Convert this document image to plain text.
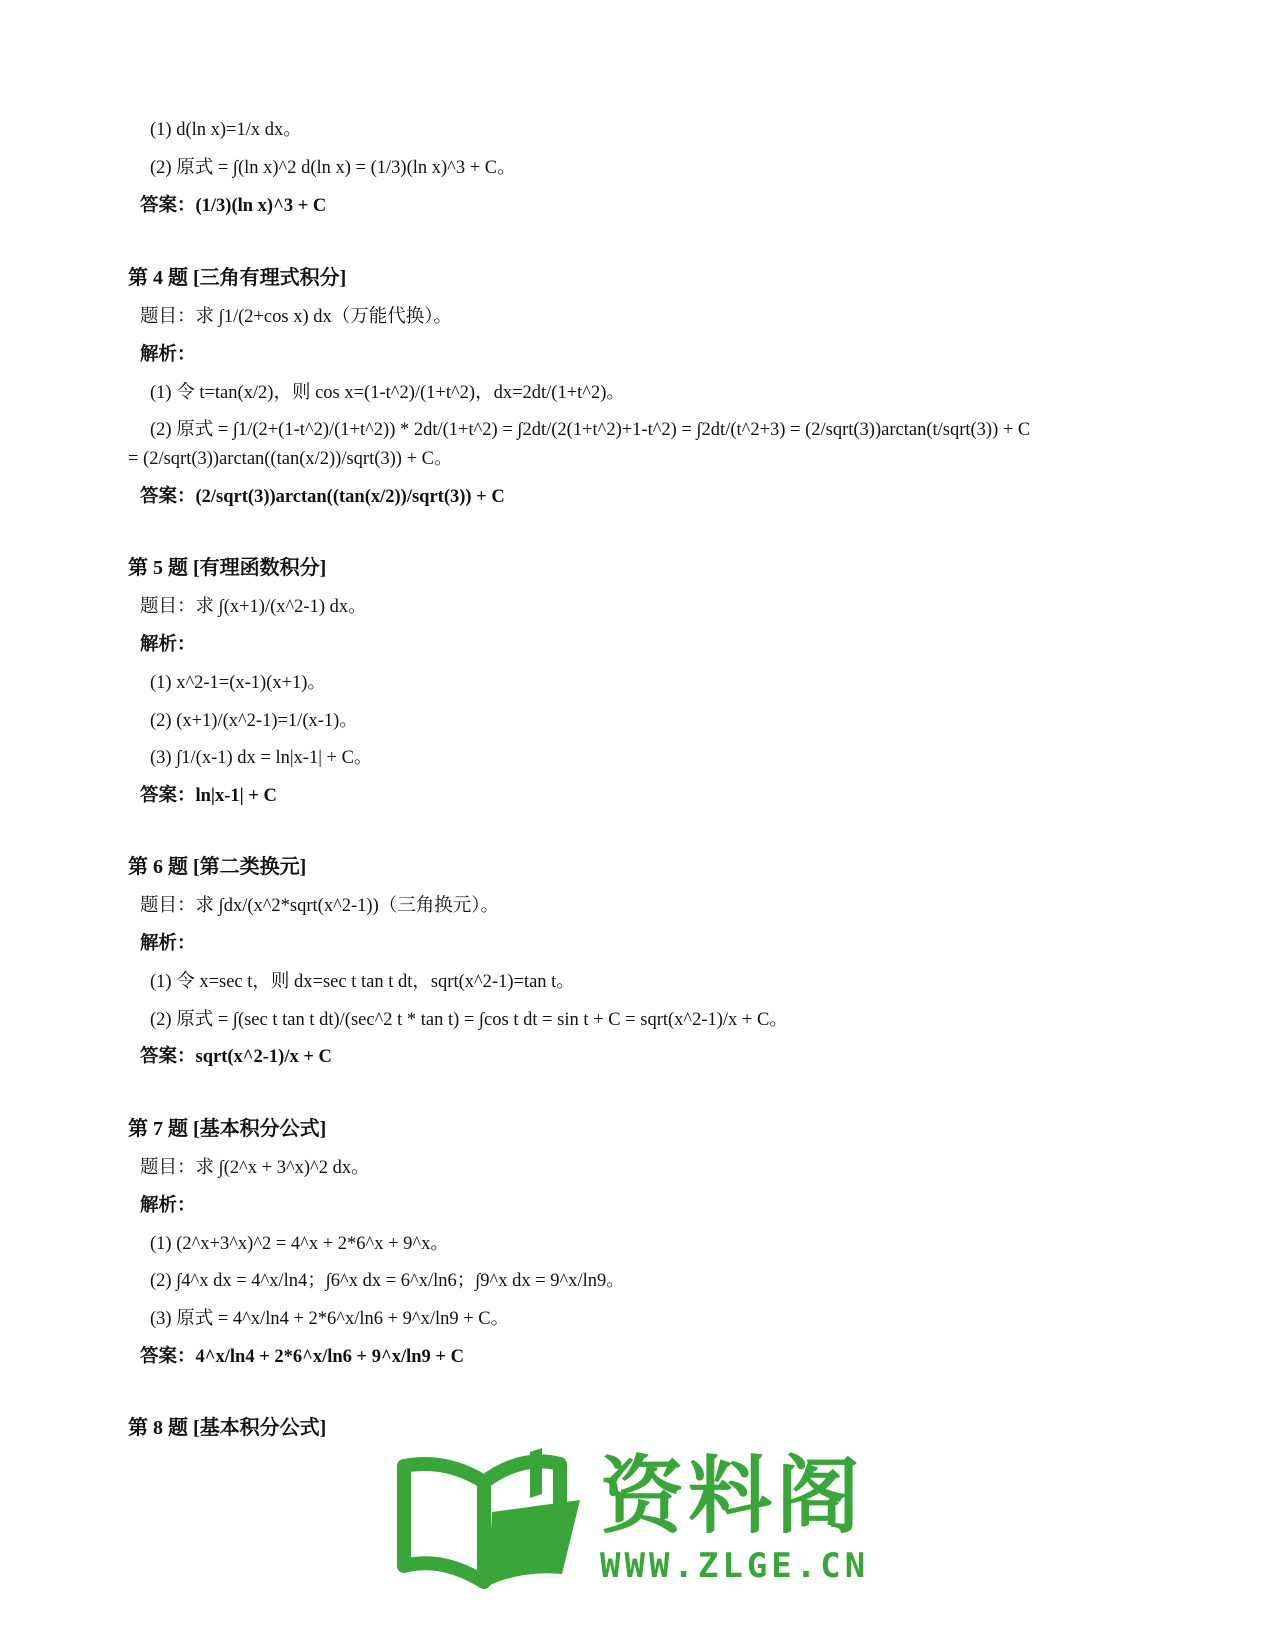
(1) d(ln x)=1/x dx。
(2) 原式 = ∫(ln x)^2 d(ln x) = (1/3)(ln x)^3 + C。
答案：(1/3)(ln x)^3 + C
第 4 题 [三角有理式积分]
题目：求 ∫1/(2+cos x) dx（万能代换）。
解析：
(1) 令 t=tan(x/2)，则 cos x=(1-t^2)/(1+t^2)，dx=2dt/(1+t^2)。
(2) 原式 = ∫1/(2+(1-t^2)/(1+t^2)) * 2dt/(1+t^2) = ∫2dt/(2(1+t^2)+1-t^2) = ∫2dt/(t^2+3) = (2/sqrt(3))arctan(t/sqrt(3)) + C
= (2/sqrt(3))arctan((tan(x/2))/sqrt(3)) + C。
答案：(2/sqrt(3))arctan((tan(x/2))/sqrt(3)) + C
第 5 题 [有理函数积分]
题目：求 ∫(x+1)/(x^2-1) dx。
解析：
(1) x^2-1=(x-1)(x+1)。
(2) (x+1)/(x^2-1)=1/(x-1)。
(3) ∫1/(x-1) dx = ln|x-1| + C。
答案：ln|x-1| + C
第 6 题 [第二类换元]
题目：求 ∫dx/(x^2*sqrt(x^2-1))（三角换元）。
解析：
(1) 令 x=sec t，则 dx=sec t tan t dt，sqrt(x^2-1)=tan t。
(2) 原式 = ∫(sec t tan t dt)/(sec^2 t * tan t) = ∫cos t dt = sin t + C = sqrt(x^2-1)/x + C。
答案：sqrt(x^2-1)/x + C
第 7 题 [基本积分公式]
题目：求 ∫(2^x + 3^x)^2 dx。
解析：
(1) (2^x+3^x)^2 = 4^x + 2*6^x + 9^x。
(2) ∫4^x dx = 4^x/ln4；∫6^x dx = 6^x/ln6；∫9^x dx = 9^x/ln9。
(3) 原式 = 4^x/ln4 + 2*6^x/ln6 + 9^x/ln9 + C。
答案：4^x/ln4 + 2*6^x/ln6 + 9^x/ln9 + C
第 8 题 [基本积分公式]
资料阁
WWW.ZLGE.CN
